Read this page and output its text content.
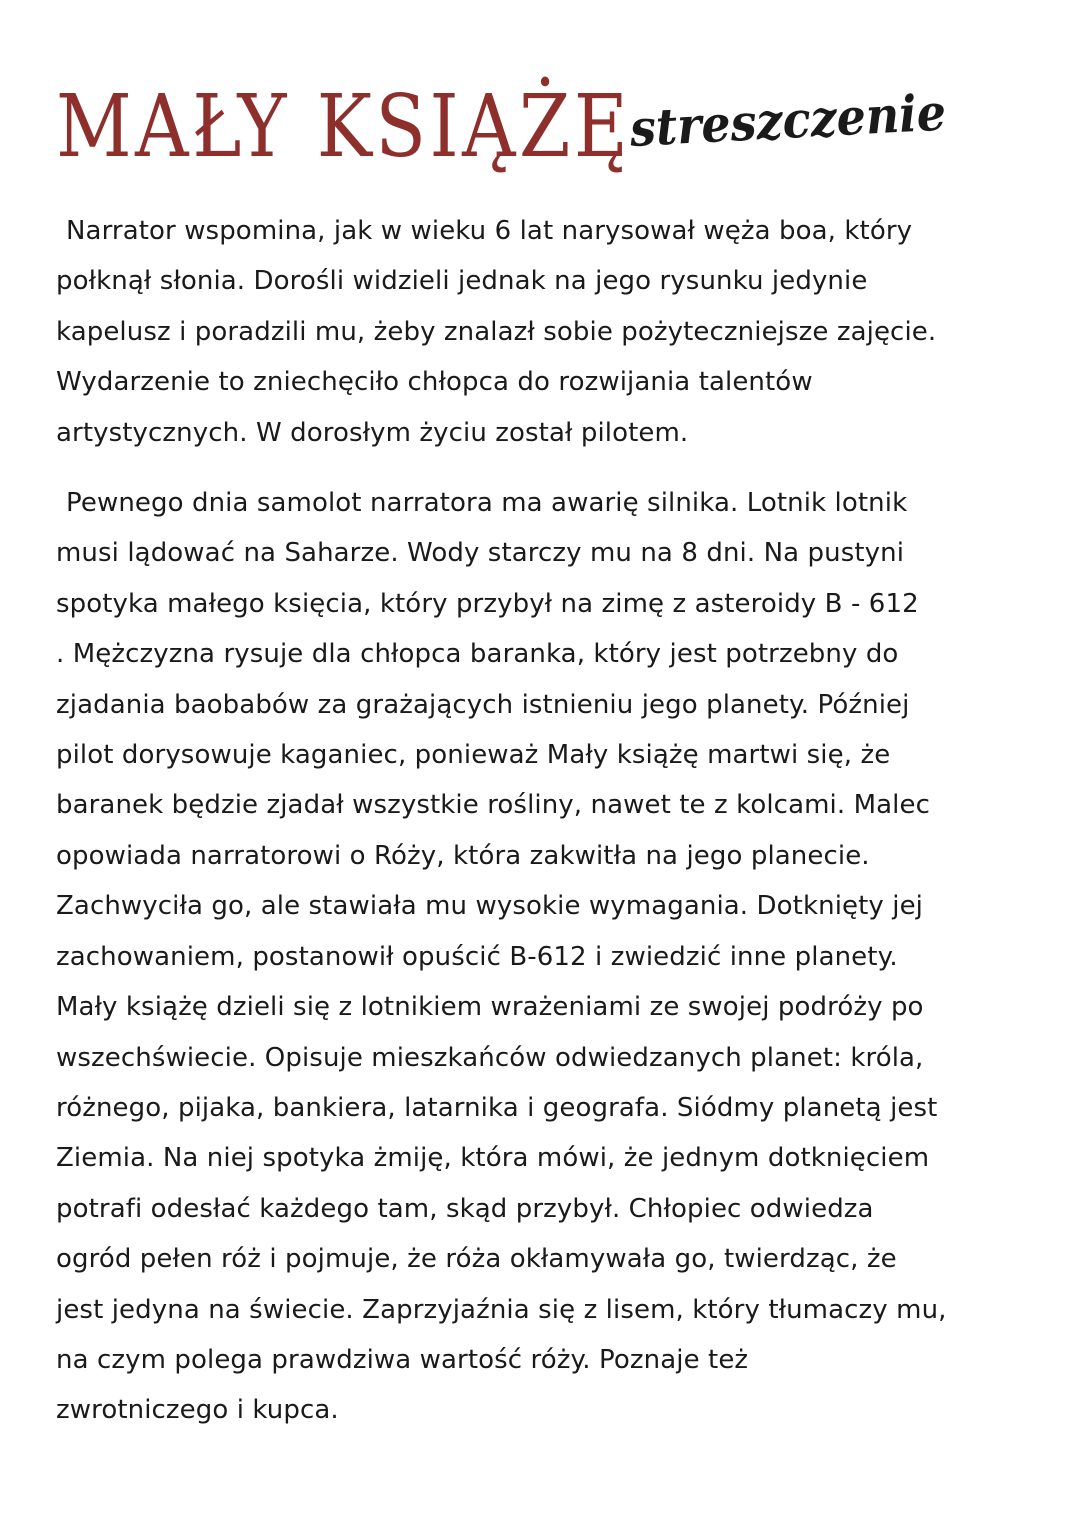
MAŁY KSIĄŻĘ
streszczenie

Narrator wspomina, jak w wieku 6 lat narysował węża boa, który
połknął słonia. Dorośli widzieli jednak na jego rysunku jedynie
kapelusz i poradzili mu, żeby znalazł sobie pożyteczniejsze zajęcie.
Wydarzenie to zniechęciło chłopca do rozwijania talentów
artystycznych. W dorosłym życiu został pilotem.

Pewnego dnia samolot narratora ma awarię silnika. Lotnik lotnik
musi lądować na Saharze. Wody starczy mu na 8 dni. Na pustyni
spotyka małego księcia, który przybył na zimę z asteroidy B - 612
. Mężczyzna rysuje dla chłopca baranka, który jest potrzebny do
zjadania baobabów za grażających istnieniu jego planety. Później
pilot dorysowuje kaganiec, ponieważ Mały książę martwi się, że
baranek będzie zjadał wszystkie rośliny, nawet te z kolcami. Malec
opowiada narratorowi o Róży, która zakwitła na jego planecie.
Zachwyciła go, ale stawiała mu wysokie wymagania. Dotknięty jej
zachowaniem, postanowił opuścić B-612 i zwiedzić inne planety.
Mały książę dzieli się z lotnikiem wrażeniami ze swojej podróży po
wszechświecie. Opisuje mieszkańców odwiedzanych planet: króla,
różnego, pijaka, bankiera, latarnika i geografa. Siódmy planetą jest
Ziemia. Na niej spotyka żmiję, która mówi, że jednym dotknięciem
potrafi odesłać każdego tam, skąd przybył. Chłopiec odwiedza
ogród pełen róż i pojmuje, że róża okłamywała go, twierdząc, że
jest jedyna na świecie. Zaprzyjaźnia się z lisem, który tłumaczy mu,
na czym polega prawdziwa wartość róży. Poznaje też
zwrotniczego i kupca.
